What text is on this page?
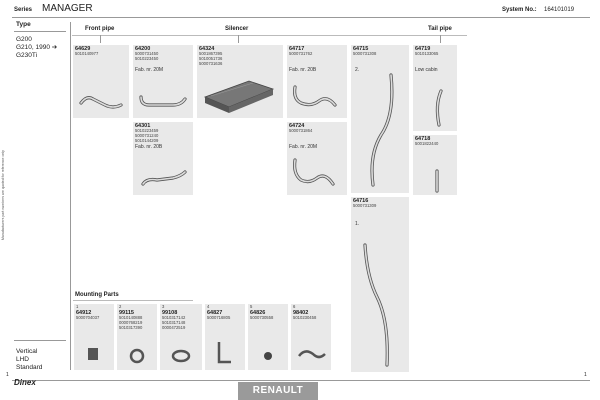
Series MANAGER	System No.: 164101019
Type
G200
G210, 1990 ➔
G230Ti
Manufacturers part numbers are quoted for reference only
Vertical
LHD
Standard
Front pipe	Silencer	Tail pipe
64629
5010140977
64200
5000731450
5010223450
Fab. nr. 20M
64324
5001867395
5010051736
5000731636
64717
5000731762
Fab. nr. 20B
64715
5000731308
2.
64719
5010133065
Low cabin
64301
5010223459
5000731240
5010144209
Fab. nr. 20B
64724
5000731864
Fab. nr. 20M
64718
5001822440
64716
5000731309
1.
Mounting Parts
1
64912
5000704037
2
99115
5010140888
0000768219
5010317390
3
99108
5010317142
5010317148
0000472519
4
64827
5000716805
5
64826
5000730558
6
98402
5010230458
1	1
Dinex
RENAULT
